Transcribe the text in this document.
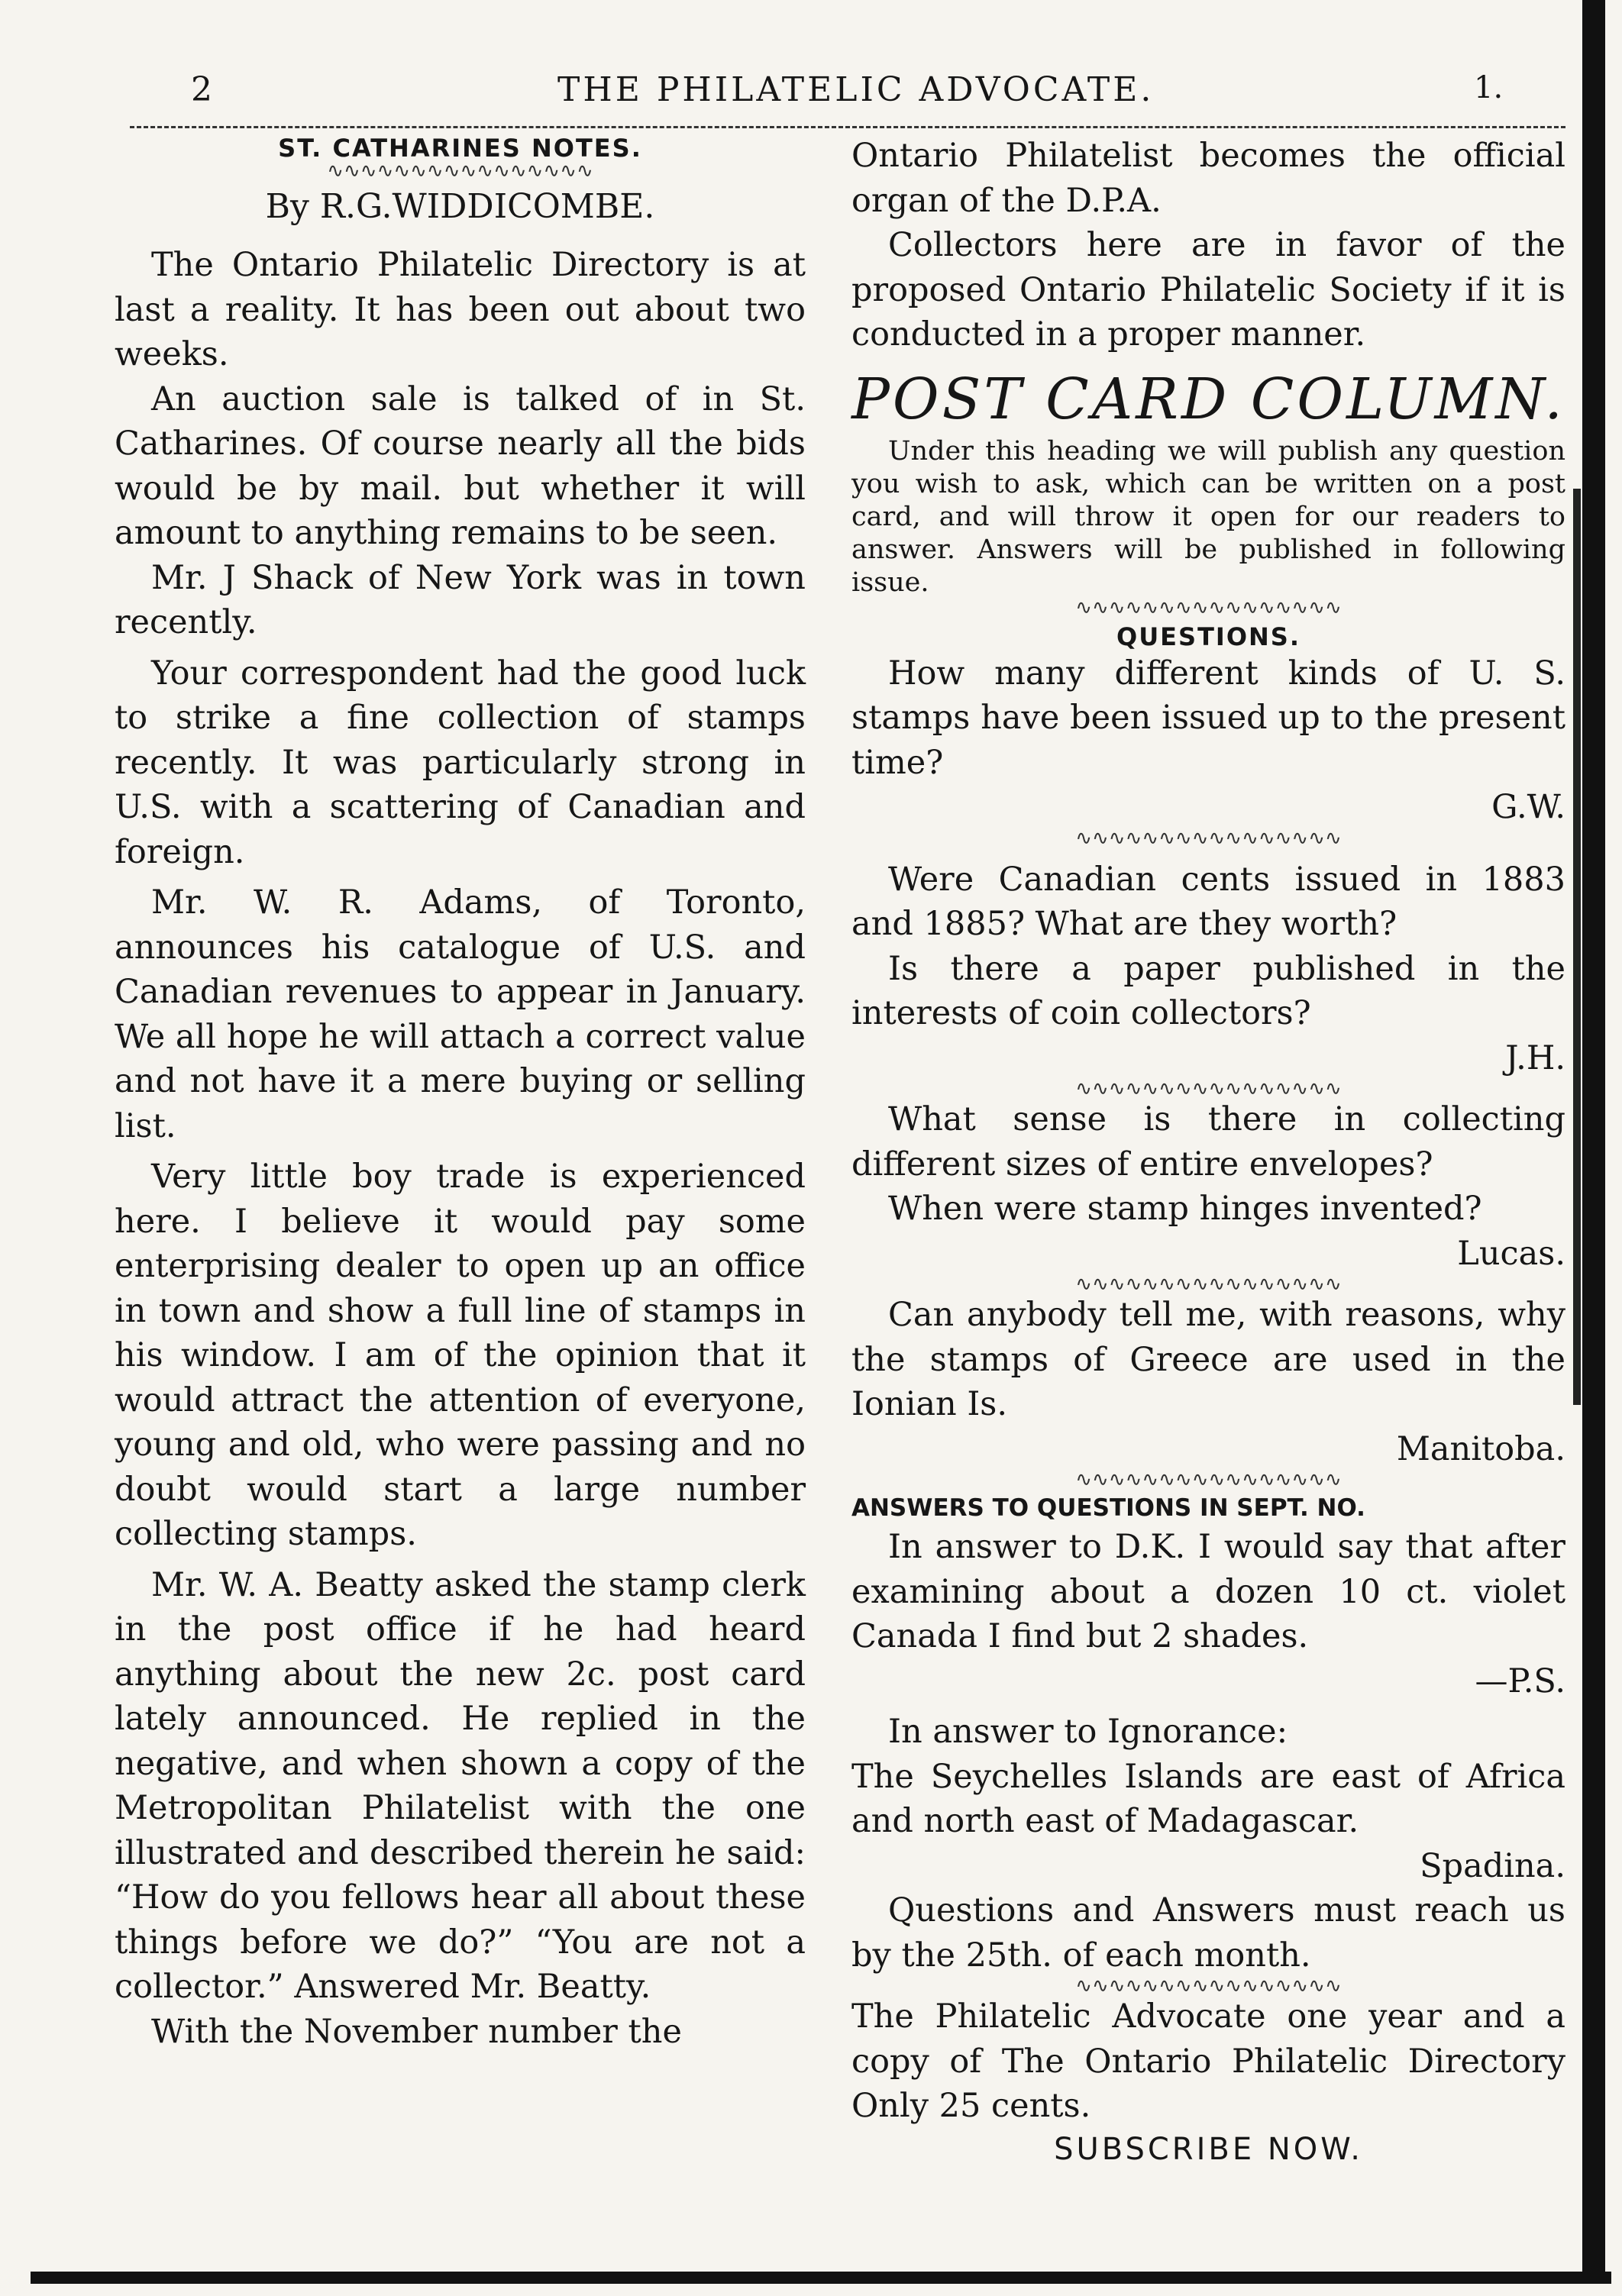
2	THE PHILATELIC ADVOCATE.	1.
ST. CATHARINES NOTES.
∿∿∿∿∿∿∿∿∿∿∿∿∿∿∿∿
By R.G.WIDDICOMBE.

The Ontario Philatelic Directory is at last a reality. It has been out about two weeks.

An auction sale is talked of in St. Catharines. Of course nearly all the bids would be by mail. but whether it will amount to anything remains to be seen.

Mr. J Shack of New York was in town recently.

Your correspondent had the good luck to strike a fine collection of stamps recently. It was particularly strong in U.S. with a scattering of Canadian and foreign.

Mr. W. R. Adams, of Toronto, announces his catalogue of U.S. and Canadian revenues to appear in January. We all hope he will attach a correct value and not have it a mere buying or selling list.

Very little boy trade is experienced here. I believe it would pay some enterprising dealer to open up an office in town and show a full line of stamps in his window. I am of the opinion that it would attract the attention of everyone, young and old, who were passing and no doubt would start a large number collecting stamps.

Mr. W. A. Beatty asked the stamp clerk in the post office if he had heard anything about the new 2c. post card lately announced. He replied in the negative, and when shown a copy of the Metropolitan Philatelist with the one illustrated and described therein he said: “How do you fellows hear all about these things before we do?” “You are not a collector.” Answered Mr. Beatty.

With the November number the

Ontario Philatelist becomes the official organ of the D.P.A.

Collectors here are in favor of the proposed Ontario Philatelic Society if it is conducted in a proper manner.

POST CARD COLUMN.

Under this heading we will publish any question you wish to ask, which can be written on a post card, and will throw it open for our readers to answer. Answers will be published in following issue.

∿∿∿∿∿∿∿∿∿∿∿∿∿∿∿∿
QUESTIONS.

How many different kinds of U. S. stamps have been issued up to the present time?

G.W.

∿∿∿∿∿∿∿∿∿∿∿∿∿∿∿∿

Were Canadian cents issued in 1883 and 1885? What are they worth?

Is there a paper published in the interests of coin collectors?

J.H.

∿∿∿∿∿∿∿∿∿∿∿∿∿∿∿∿

What sense is there in collecting different sizes of entire envelopes?

When were stamp hinges invented?

Lucas.

∿∿∿∿∿∿∿∿∿∿∿∿∿∿∿∿

Can anybody tell me, with reasons, why the stamps of Greece are used in the Ionian Is.

Manitoba.

∿∿∿∿∿∿∿∿∿∿∿∿∿∿∿∿
ANSWERS TO QUESTIONS IN SEPT. NO.

In answer to D.K. I would say that after examining about a dozen 10 ct. violet Canada I find but 2 shades.

—P.S.

In answer to Ignorance:

The Seychelles Islands are east of Africa and north east of Madagascar.

Spadina.

Questions and Answers must reach us by the 25th. of each month.

∿∿∿∿∿∿∿∿∿∿∿∿∿∿∿∿

The Philatelic Advocate one year and a copy of The Ontario Philatelic Directory Only 25 cents.

SUBSCRIBE NOW.
